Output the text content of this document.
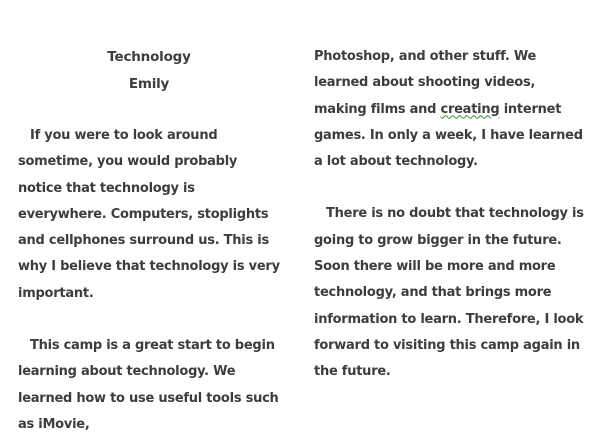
Technology
Emily

If you were to look around sometime, you would probably notice that technology is everywhere. Computers, stoplights and cellphones surround us. This is why I believe that technology is very important.

This camp is a great start to begin learning about technology. We learned how to use useful tools such as iMovie,

Photoshop, and other stuff. We learned about shooting videos, making films and creating internet games. In only a week, I have learned a lot about technology.

There is no doubt that technology is going to grow bigger in the future. Soon there will be more and more technology, and that brings more information to learn. Therefore, I look forward to visiting this camp again in the future.
